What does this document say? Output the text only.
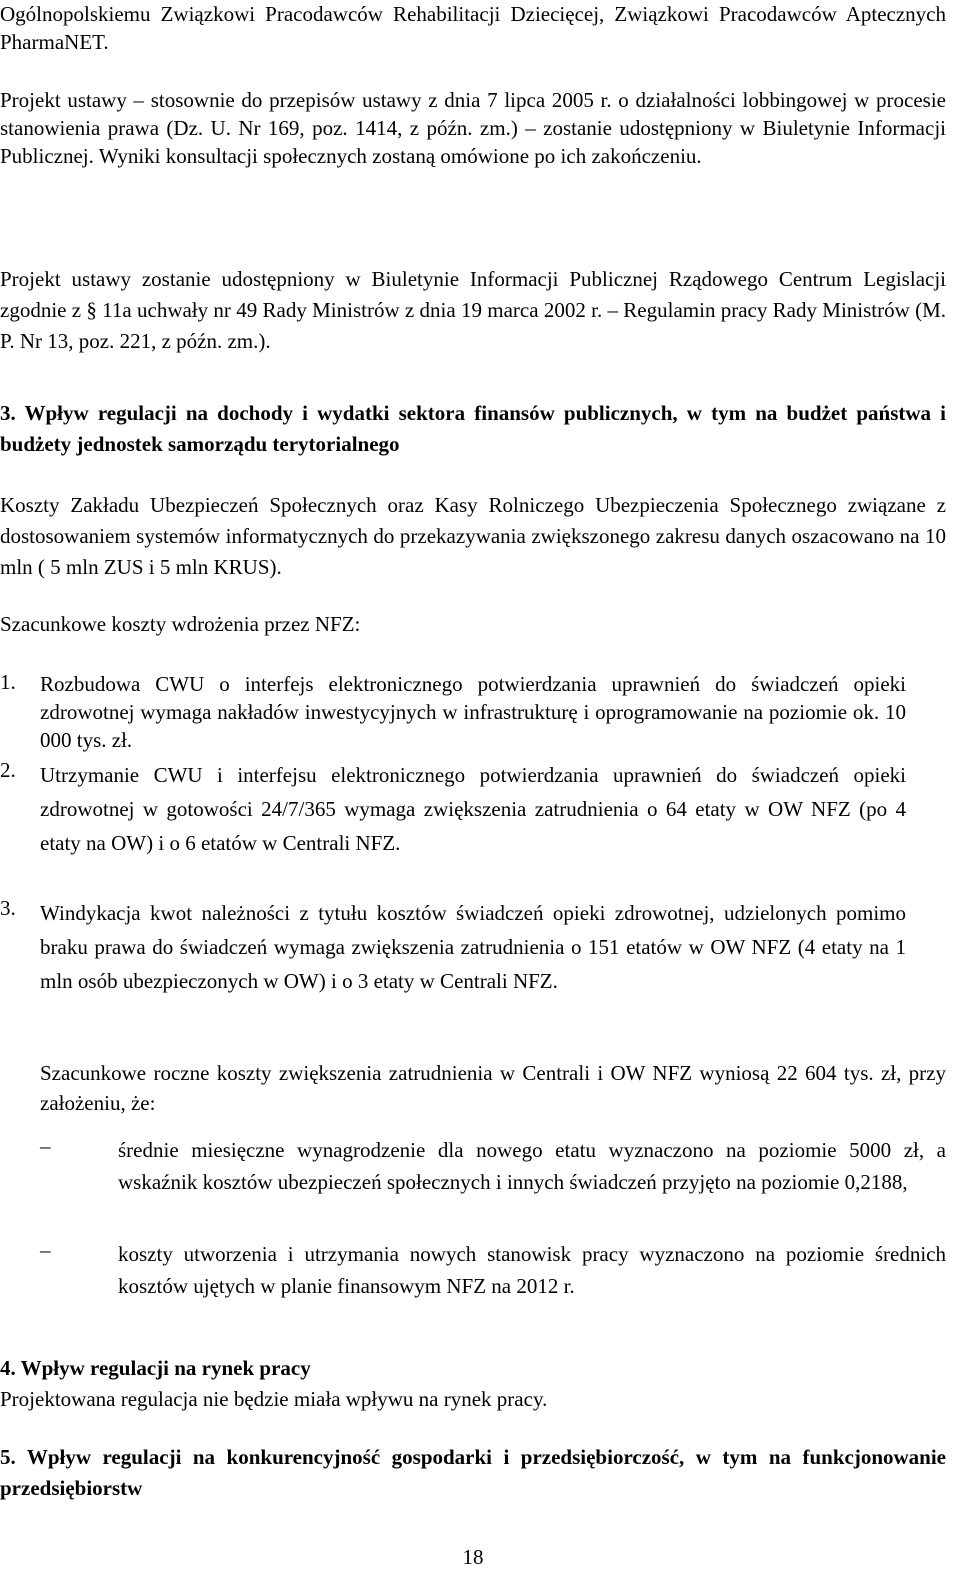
Ogólnopolskiemu Związkowi Pracodawców Rehabilitacji Dziecięcej, Związkowi Pracodawców Aptecznych PharmaNET.

Projekt ustawy – stosownie do przepisów ustawy z dnia 7 lipca 2005 r. o działalności lobbingowej w procesie stanowienia prawa (Dz. U. Nr 169, poz. 1414, z późn. zm.) – zostanie udostępniony w Biuletynie Informacji Publicznej. Wyniki konsultacji społecznych zostaną omówione po ich zakończeniu.

Projekt ustawy zostanie udostępniony w Biuletynie Informacji Publicznej Rządowego Centrum Legislacji zgodnie z § 11a uchwały nr 49 Rady Ministrów z dnia 19 marca 2002 r. – Regulamin pracy Rady Ministrów (M. P. Nr 13, poz. 221, z późn. zm.).

3. Wpływ regulacji na dochody i wydatki sektora finansów publicznych, w tym na budżet państwa i budżety jednostek samorządu terytorialnego

Koszty Zakładu Ubezpieczeń Społecznych oraz Kasy Rolniczego Ubezpieczenia Społecznego związane z dostosowaniem systemów informatycznych do przekazywania zwiększonego zakresu danych oszacowano na 10 mln ( 5 mln ZUS i 5 mln KRUS).

Szacunkowe koszty wdrożenia przez NFZ:

1. Rozbudowa CWU o interfejs elektronicznego potwierdzania uprawnień do świadczeń opieki zdrowotnej wymaga nakładów inwestycyjnych w infrastrukturę i oprogramowanie na poziomie ok. 10 000 tys. zł.

2. Utrzymanie CWU i interfejsu elektronicznego potwierdzania uprawnień do świadczeń opieki zdrowotnej w gotowości 24/7/365 wymaga zwiększenia zatrudnienia o 64 etaty w OW NFZ (po 4 etaty na OW) i o 6 etatów w Centrali NFZ.

3. Windykacja kwot należności z tytułu kosztów świadczeń opieki zdrowotnej, udzielonych pomimo braku prawa do świadczeń wymaga zwiększenia zatrudnienia o 151 etatów w OW NFZ (4 etaty na 1 mln osób ubezpieczonych w OW) i o 3 etaty w Centrali NFZ.

Szacunkowe roczne koszty zwiększenia zatrudnienia w Centrali i OW NFZ wyniosą 22 604 tys. zł, przy założeniu, że:

–	średnie miesięczne wynagrodzenie dla nowego etatu wyznaczono na poziomie 5000 zł, a wskaźnik kosztów ubezpieczeń społecznych i innych świadczeń przyjęto na poziomie 0,2188,

–	koszty utworzenia i utrzymania nowych stanowisk pracy wyznaczono na poziomie średnich kosztów ujętych w planie finansowym NFZ na 2012 r.

4. Wpływ regulacji na rynek pracy

Projektowana regulacja nie będzie miała wpływu na rynek pracy.

5. Wpływ regulacji na konkurencyjność gospodarki i przedsiębiorczość, w tym na funkcjonowanie przedsiębiorstw

18
